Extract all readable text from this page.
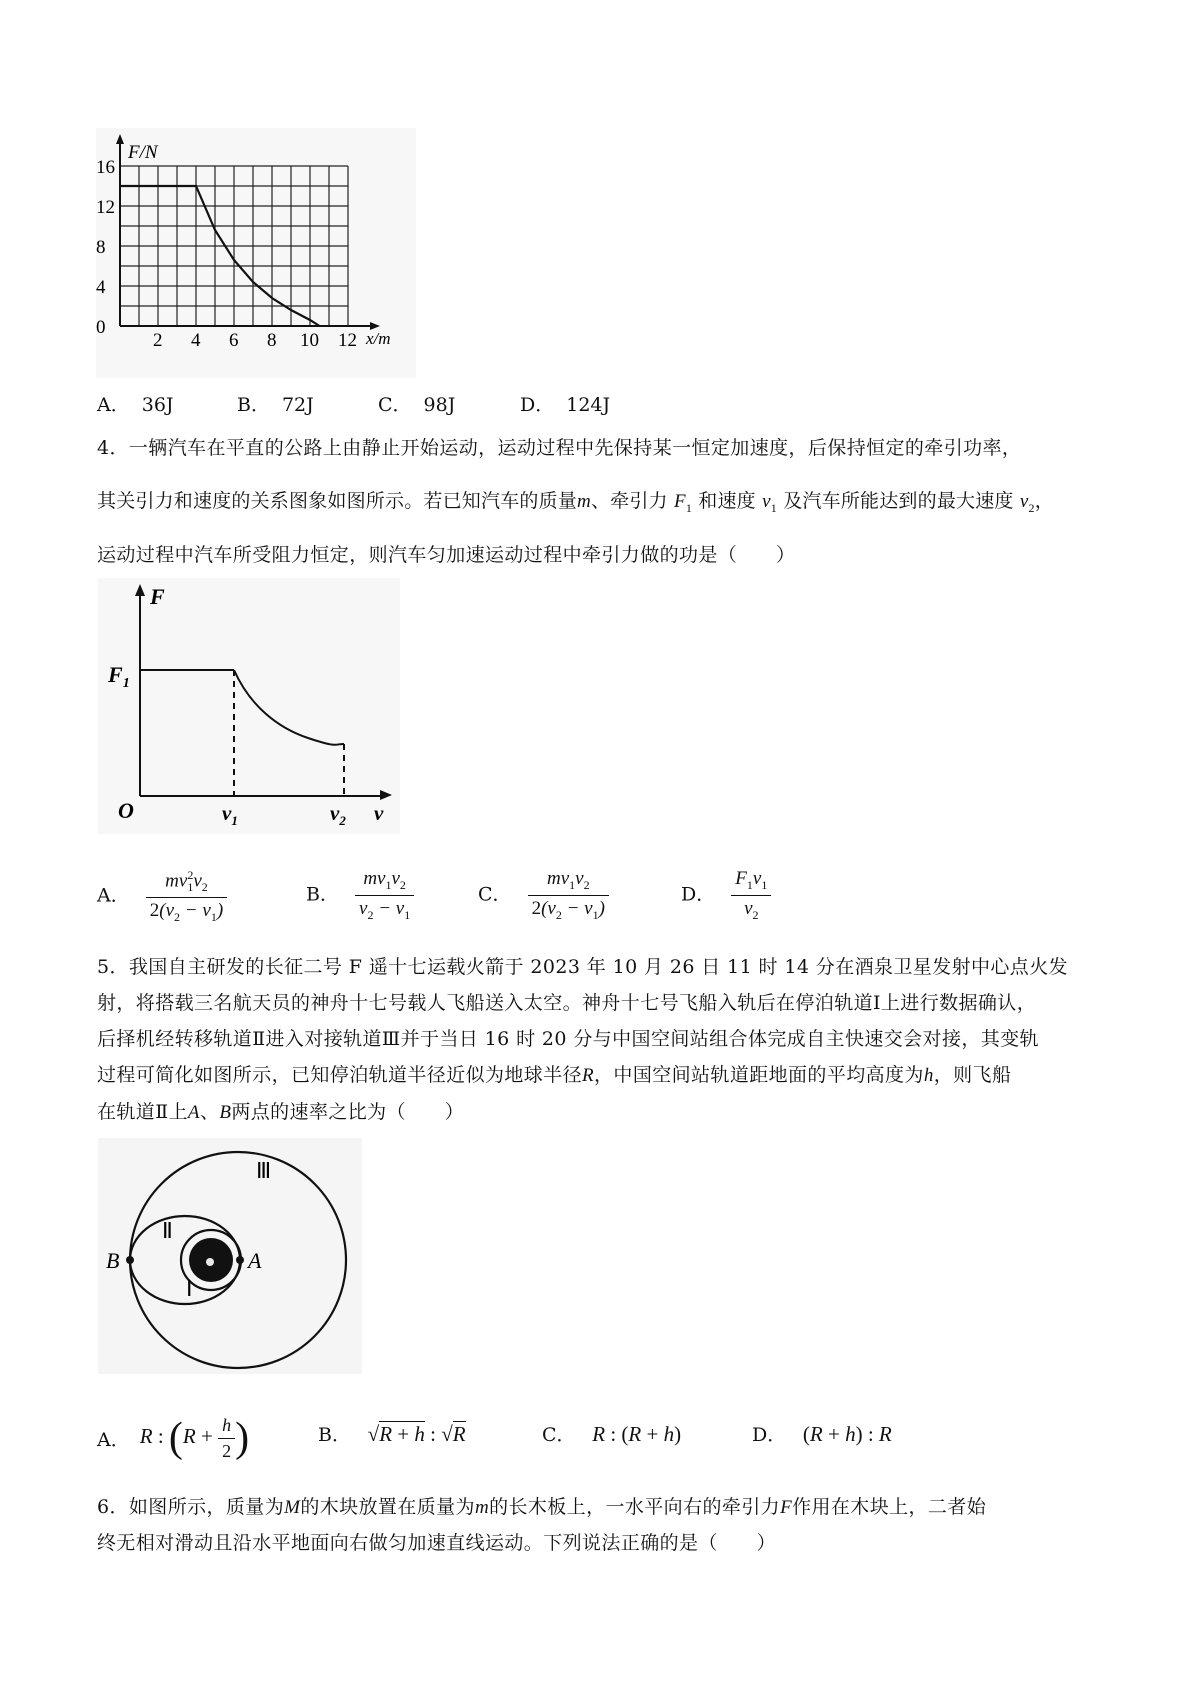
0
4
8
12
16
2 4 6 8 10 12
F/N
x/m
A． 36J	B． 72J	C． 98J	D． 124J
4．一辆汽车在平直的公路上由静止开始运动，运动过程中先保持某一恒定加速度，后保持恒定的牵引功率，
其关引力和速度的关系图象如图所示。若已知汽车的质量m、牵引力 $F_1$ 和速度 $v_1$ 及汽车所能达到的最大速度 $v_2$，
运动过程中汽车所受阻力恒定，则汽车匀加速运动过程中牵引力做的功是（　　）
F
$F_1$
O	$v_1$	$v_2$ v
A． $\frac{mv_1^2v_2}{2(v_2 - v_1)}$	B． $\frac{mv_1v_2}{v_2 - v_1}$	C． $\frac{mv_1v_2}{2(v_2 - v_1)}$	D． $\frac{F_1v_1}{v_2}$
5．我国自主研发的长征二号 F 遥十七运载火箭于 2023 年 10 月 26 日 11 时 14 分在酒泉卫星发射中心点火发
射，将搭载三名航天员的神舟十七号载人飞船送入太空。神舟十七号飞船入轨后在停泊轨道Ⅰ上进行数据确认，
后择机经转移轨道Ⅱ进入对接轨道Ⅲ并于当日 16 时 20 分与中国空间站组合体完成自主快速交会对接，其变轨
过程可简化如图所示，已知停泊轨道半径近似为地球半径R，中国空间站轨道距地面的平均高度为h，则飞船
在轨道Ⅱ上A、B两点的速率之比为（　　）
Ⅲ
Ⅱ
Ⅰ
B	A
A． R : ($R + \frac{h}{2}$ )	B． √R + h : √R	C． R : (R + h)	D． (R + h) : R
6．如图所示，质量为M的木块放置在质量为m的长木板上，一水平向右的牵引力F作用在木块上，二者始
终无相对滑动且沿水平地面向右做匀加速直线运动。下列说法正确的是（　　）
